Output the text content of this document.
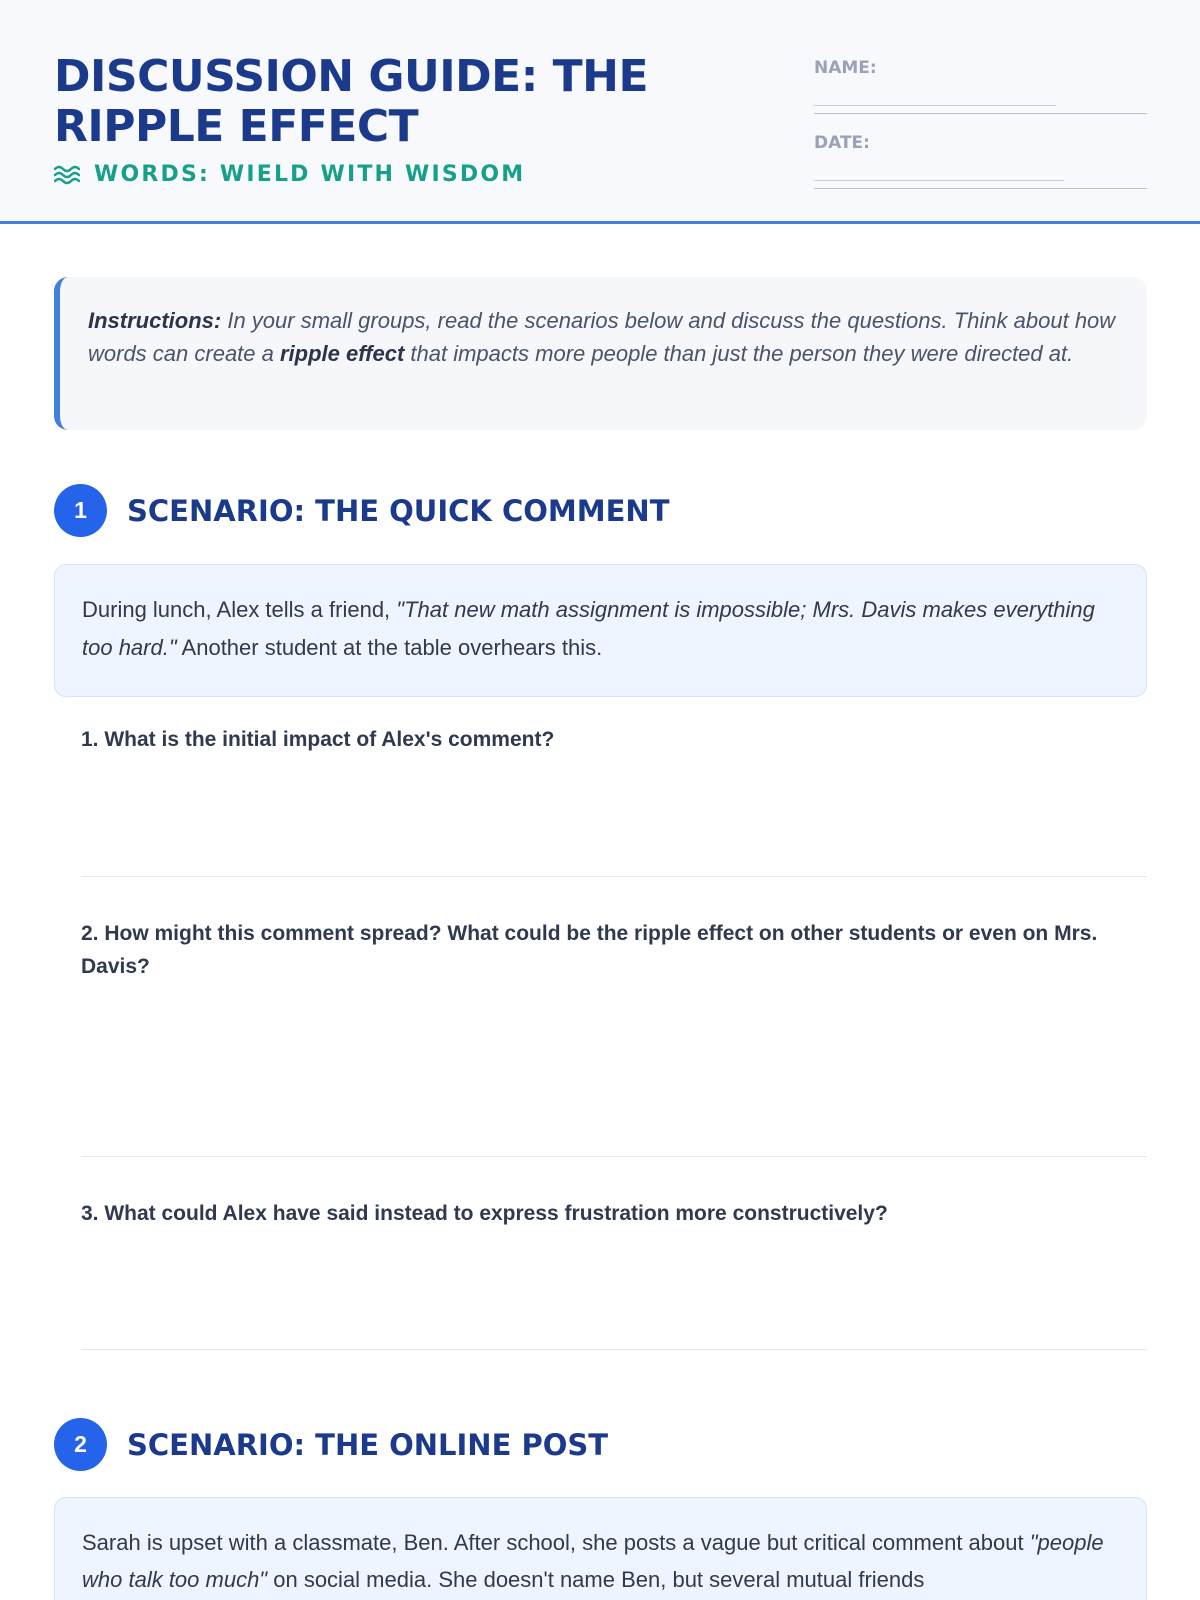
DISCUSSION GUIDE: THE RIPPLE EFFECT
WORDS: WIELD WITH WISDOM
NAME:
_____________________________
DATE:
______________________________
Instructions: In your small groups, read the scenarios below and discuss the questions. Think about how words can create a ripple effect that impacts more people than just the person they were directed at.
1	SCENARIO: THE QUICK COMMENT
During lunch, Alex tells a friend, "That new math assignment is impossible; Mrs. Davis makes everything too hard." Another student at the table overhears this.
1. What is the initial impact of Alex's comment?
2. How might this comment spread? What could be the ripple effect on other students or even on Mrs. Davis?
3. What could Alex have said instead to express frustration more constructively?
2	SCENARIO: THE ONLINE POST
Sarah is upset with a classmate, Ben. After school, she posts a vague but critical comment about "people who talk too much" on social media. She doesn't name Ben, but several mutual friends
